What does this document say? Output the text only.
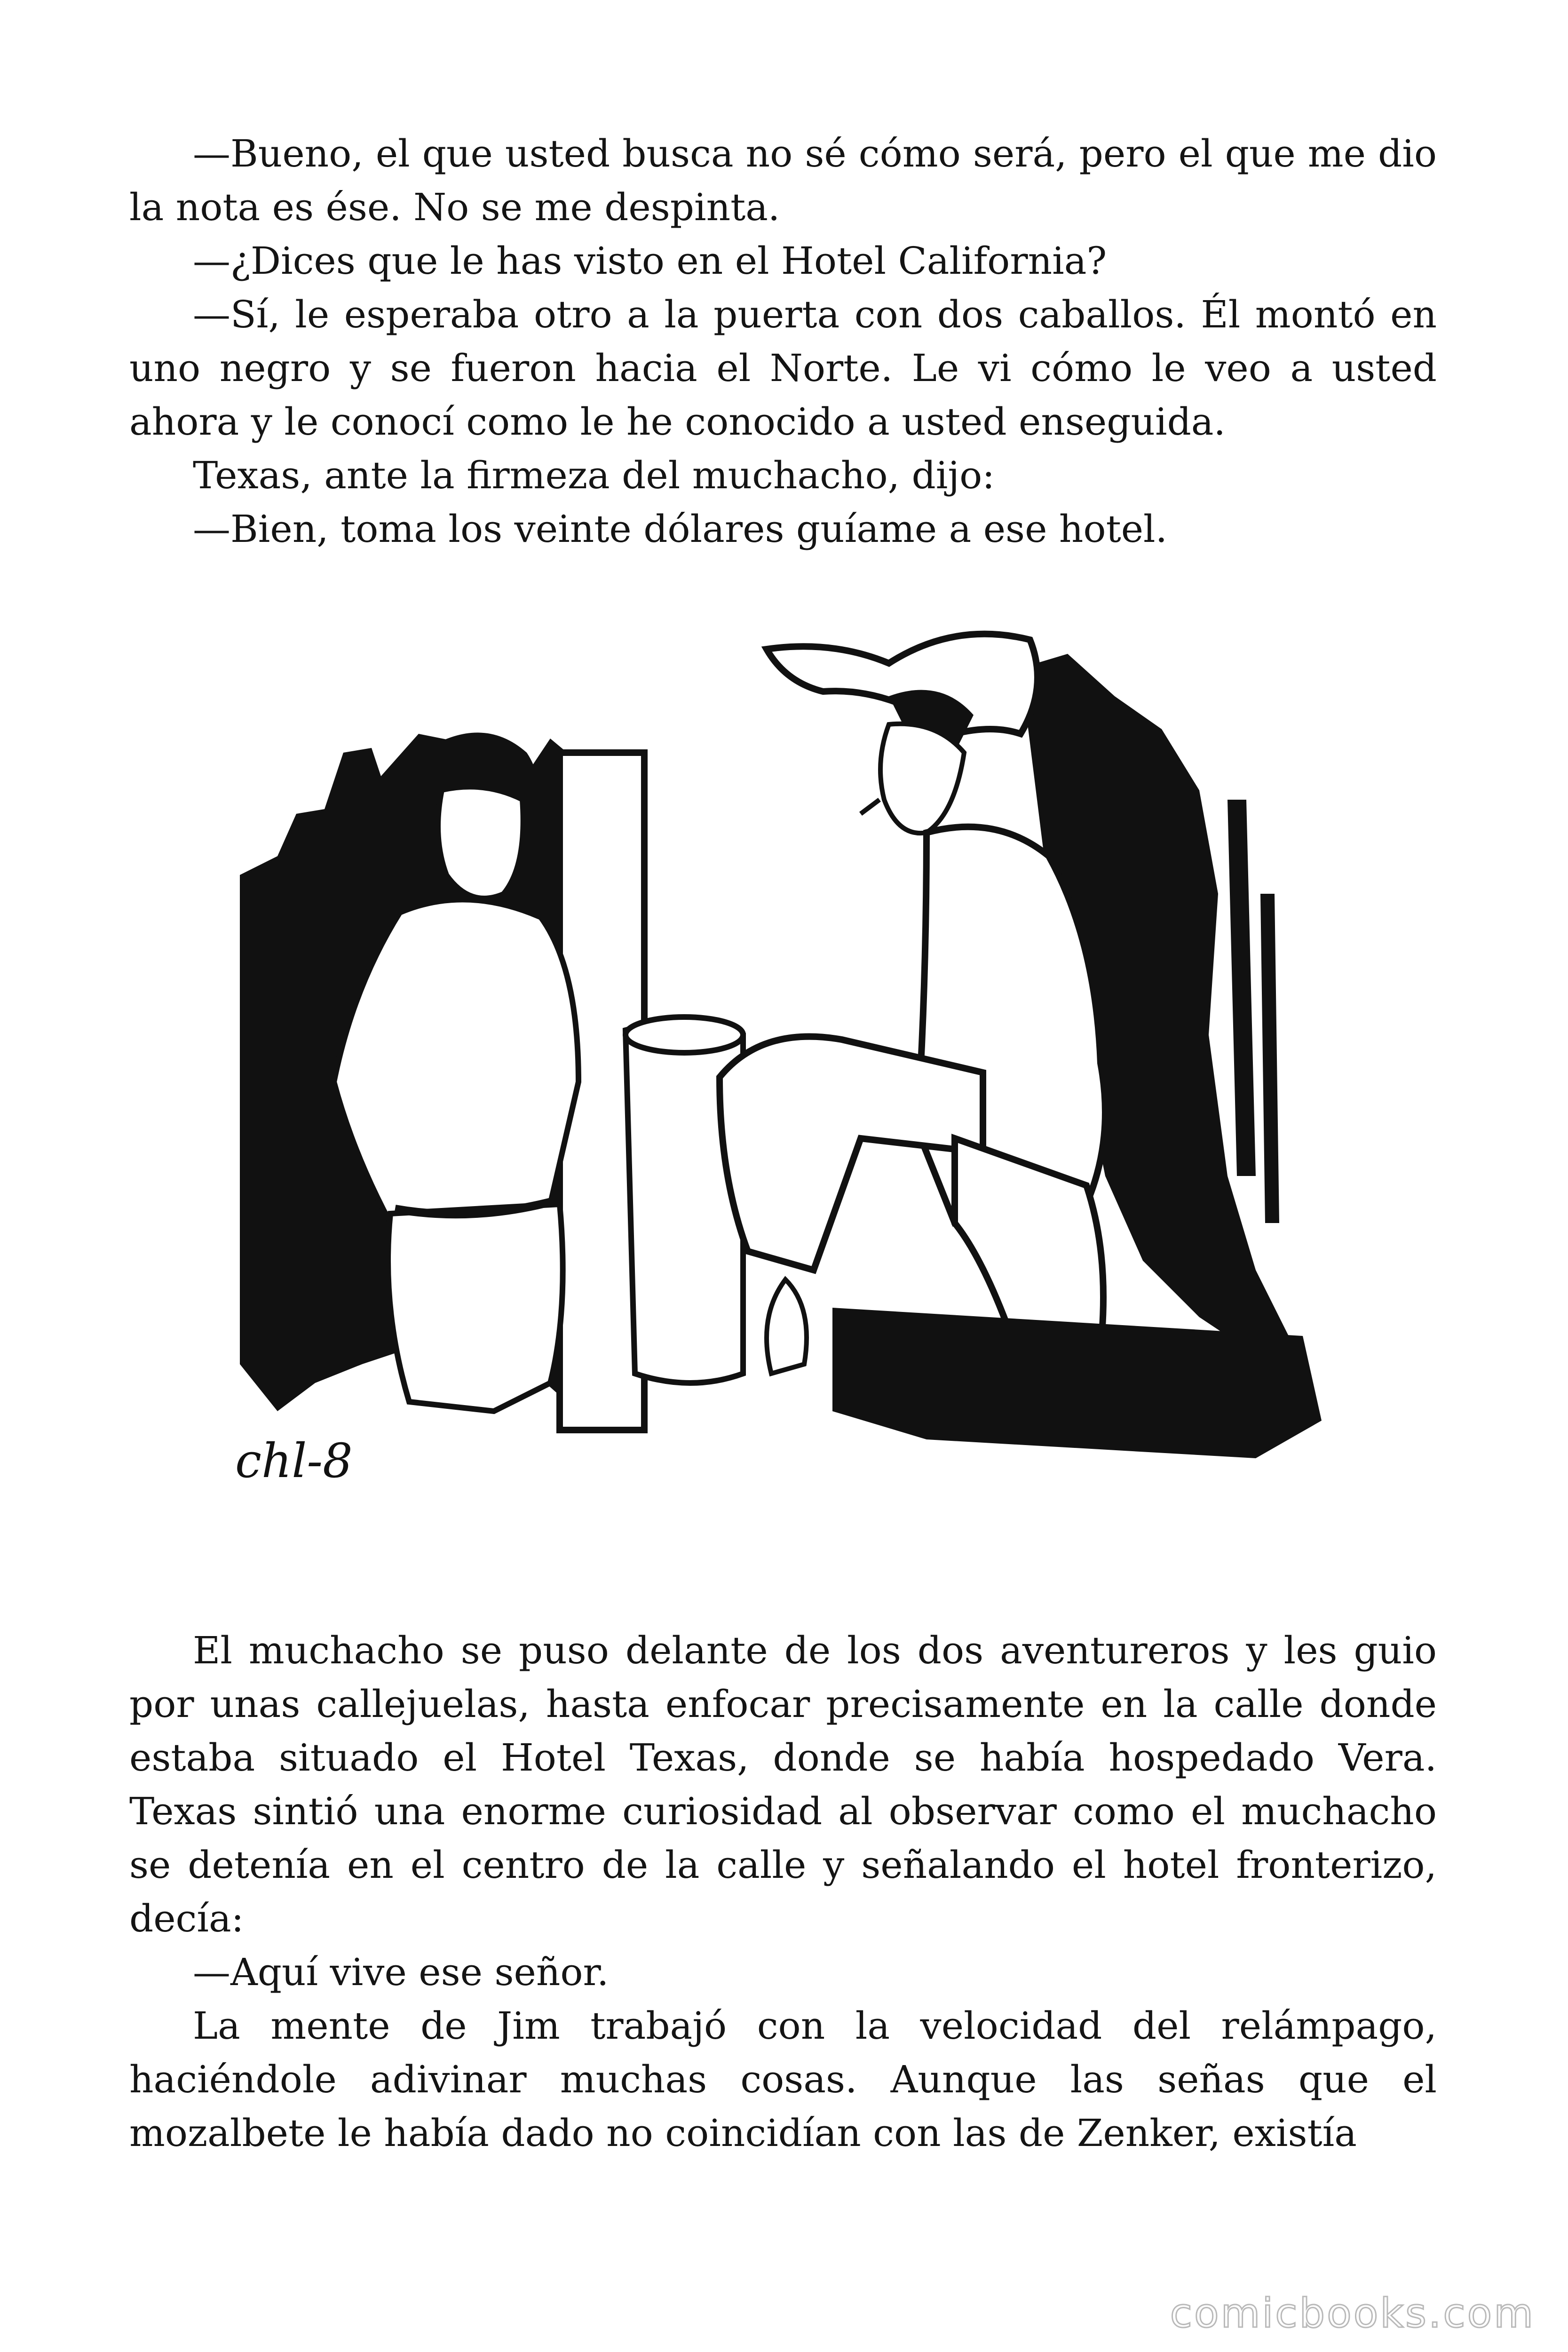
—Bueno, el que usted busca no sé cómo será, pero el que me dio la nota es ése. No se me despinta.

—¿Dices que le has visto en el Hotel California?

—Sí, le esperaba otro a la puerta con dos caballos. Él montó en uno negro y se fueron hacia el Norte. Le vi cómo le veo a usted ahora y le conocí como le he conocido a usted enseguida.

Texas, ante la firmeza del muchacho, dijo:

—Bien, toma los veinte dólares guíame a ese hotel.

chl-8

El muchacho se puso delante de los dos aventureros y les guio por unas callejuelas, hasta enfocar precisamente en la calle donde estaba situado el Hotel Texas, donde se había hospedado Vera. Texas sintió una enorme curiosidad al observar como el muchacho se detenía en el centro de la calle y señalando el hotel fronterizo, decía:

—Aquí vive ese señor.

La mente de Jim trabajó con la velocidad del relámpago, haciéndole adivinar muchas cosas. Aunque las señas que el mozalbete le había dado no coincidían con las de Zenker, existía

comicbooks.com
